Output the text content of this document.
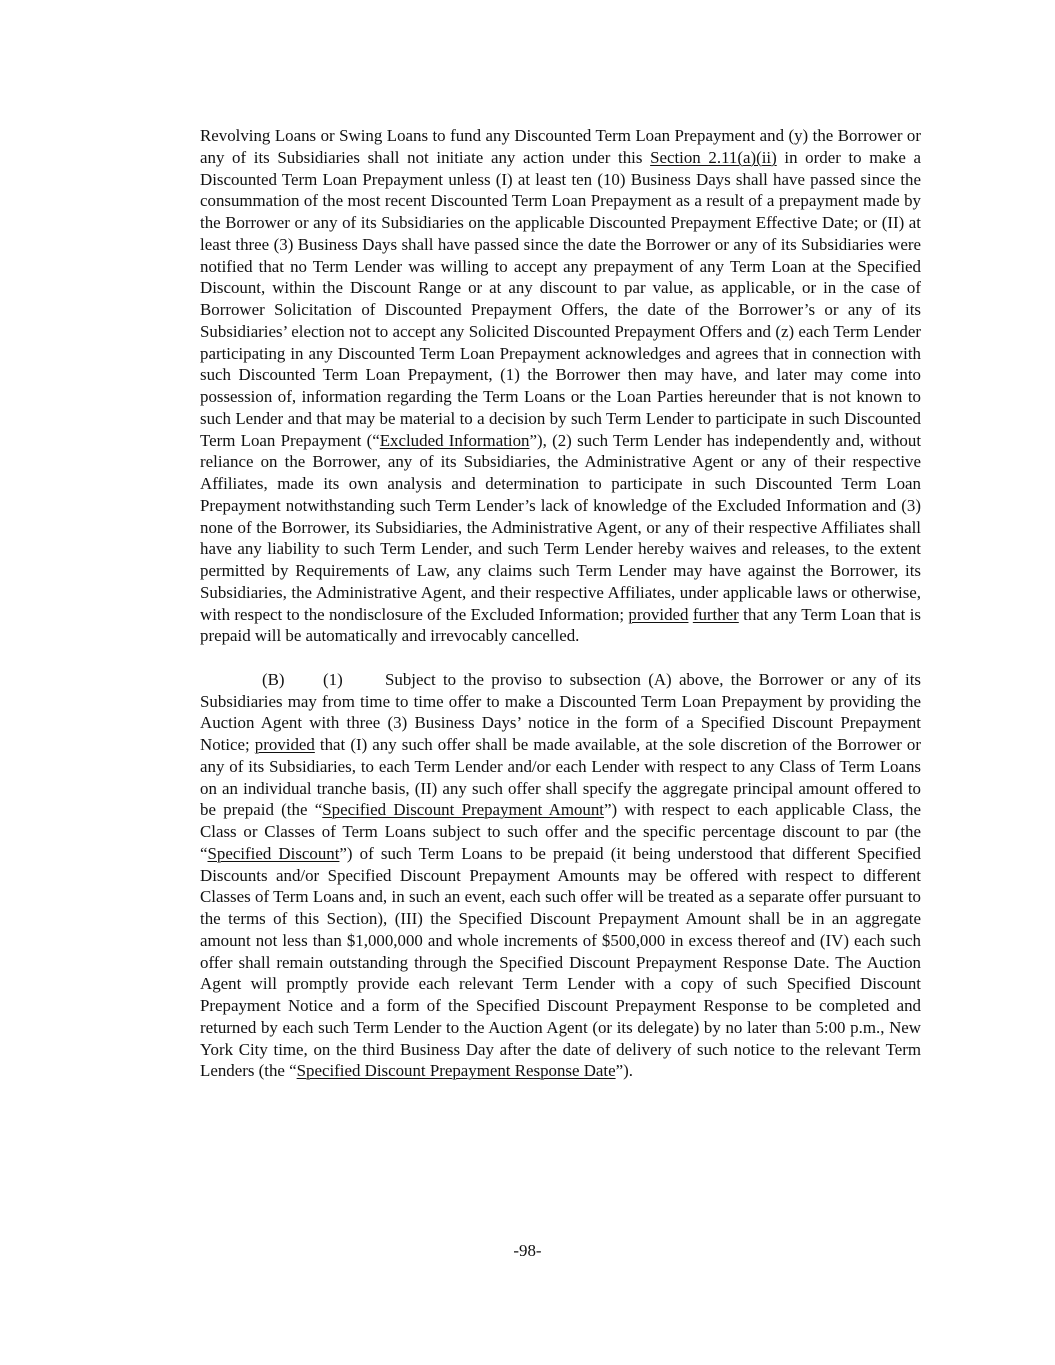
Revolving Loans or Swing Loans to fund any Discounted Term Loan Prepayment and (y) the Borrower or any of its Subsidiaries shall not initiate any action under this Section 2.11(a)(ii) in order to make a Discounted Term Loan Prepayment unless (I) at least ten (10) Business Days shall have passed since the consummation of the most recent Discounted Term Loan Prepayment as a result of a prepayment made by the Borrower or any of its Subsidiaries on the applicable Discounted Prepayment Effective Date; or (II) at least three (3) Business Days shall have passed since the date the Borrower or any of its Subsidiaries were notified that no Term Lender was willing to accept any prepayment of any Term Loan at the Specified Discount, within the Discount Range or at any discount to par value, as applicable, or in the case of Borrower Solicitation of Discounted Prepayment Offers, the date of the Borrower’s or any of its Subsidiaries’ election not to accept any Solicited Discounted Prepayment Offers and (z) each Term Lender participating in any Discounted Term Loan Prepayment acknowledges and agrees that in connection with such Discounted Term Loan Prepayment, (1) the Borrower then may have, and later may come into possession of, information regarding the Term Loans or the Loan Parties hereunder that is not known to such Lender and that may be material to a decision by such Term Lender to participate in such Discounted Term Loan Prepayment (“Excluded Information”), (2) such Term Lender has independently and, without reliance on the Borrower, any of its Subsidiaries, the Administrative Agent or any of their respective Affiliates, made its own analysis and determination to participate in such Discounted Term Loan Prepayment notwithstanding such Term Lender’s lack of knowledge of the Excluded Information and (3) none of the Borrower, its Subsidiaries, the Administrative Agent, or any of their respective Affiliates shall have any liability to such Term Lender, and such Term Lender hereby waives and releases, to the extent permitted by Requirements of Law, any claims such Term Lender may have against the Borrower, its Subsidiaries, the Administrative Agent, and their respective Affiliates, under applicable laws or otherwise, with respect to the nondisclosure of the Excluded Information; provided further that any Term Loan that is prepaid will be automatically and irrevocably cancelled.

(B) (1)	Subject to the proviso to subsection (A) above, the Borrower or any of its Subsidiaries may from time to time offer to make a Discounted Term Loan Prepayment by providing the Auction Agent with three (3) Business Days’ notice in the form of a Specified Discount Prepayment Notice; provided that (I) any such offer shall be made available, at the sole discretion of the Borrower or any of its Subsidiaries, to each Term Lender and/or each Lender with respect to any Class of Term Loans on an individual tranche basis, (II) any such offer shall specify the aggregate principal amount offered to be prepaid (the “Specified Discount Prepayment Amount”) with respect to each applicable Class, the Class or Classes of Term Loans subject to such offer and the specific percentage discount to par (the “Specified Discount”) of such Term Loans to be prepaid (it being understood that different Specified Discounts and/or Specified Discount Prepayment Amounts may be offered with respect to different Classes of Term Loans and, in such an event, each such offer will be treated as a separate offer pursuant to the terms of this Section), (III) the Specified Discount Prepayment Amount shall be in an aggregate amount not less than $1,000,000 and whole increments of $500,000 in excess thereof and (IV) each such offer shall remain outstanding through the Specified Discount Prepayment Response Date. The Auction Agent will promptly provide each relevant Term Lender with a copy of such Specified Discount Prepayment Notice and a form of the Specified Discount Prepayment Response to be completed and returned by each such Term Lender to the Auction Agent (or its delegate) by no later than 5:00 p.m., New York City time, on the third Business Day after the date of delivery of such notice to the relevant Term Lenders (the “Specified Discount Prepayment Response Date”).

-98-
